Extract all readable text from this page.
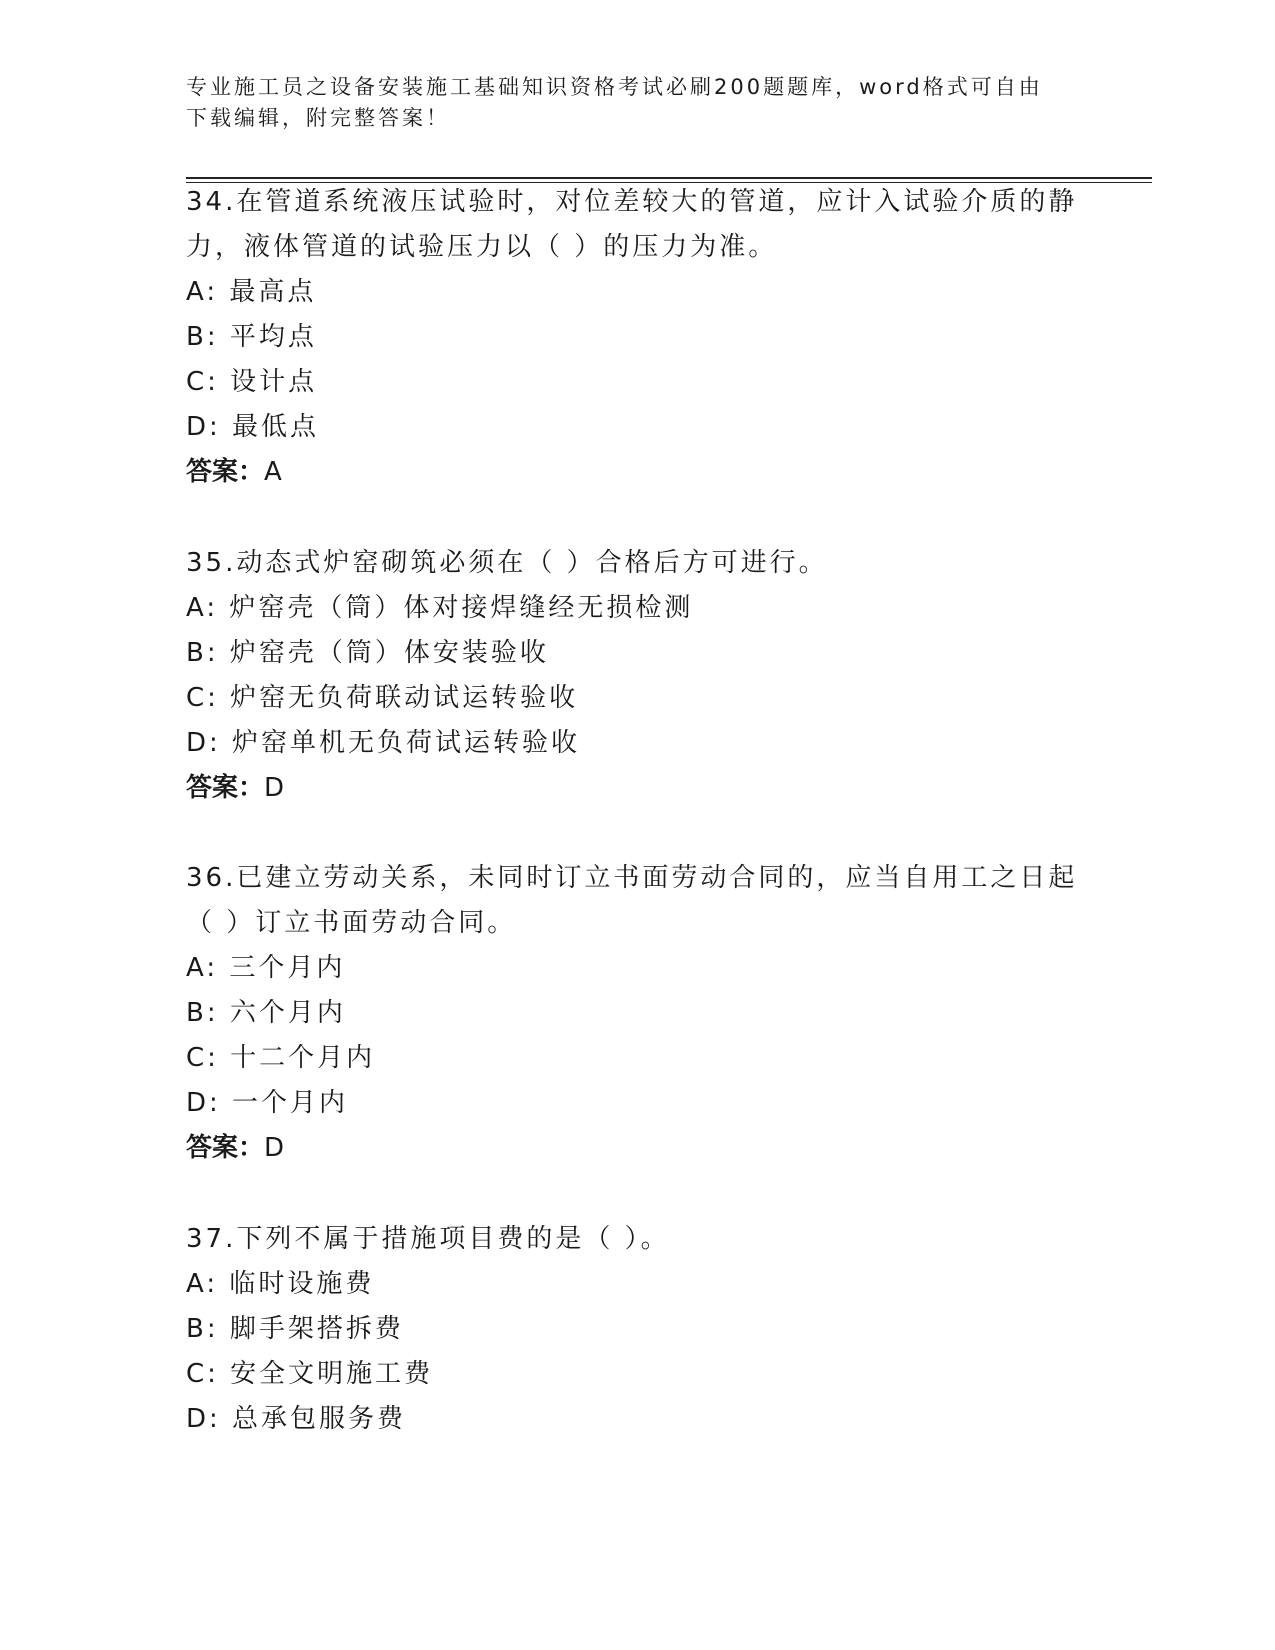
专业施工员之设备安装施工基础知识资格考试必刷200题题库，word格式可自由下载编辑，附完整答案！

34.在管道系统液压试验时，对位差较大的管道，应计入试验介质的静力，液体管道的试验压力以（ ）的压力为准。

A: 最高点

B: 平均点

C: 设计点

D: 最低点

答案：A

35.动态式炉窑砌筑必须在（ ）合格后方可进行。

A: 炉窑壳（筒）体对接焊缝经无损检测

B: 炉窑壳（筒）体安装验收

C: 炉窑无负荷联动试运转验收

D: 炉窑单机无负荷试运转验收

答案：D

36.已建立劳动关系，未同时订立书面劳动合同的，应当自用工之日起（ ）订立书面劳动合同。

A: 三个月内

B: 六个月内

C: 十二个月内

D: 一个月内

答案：D

37.下列不属于措施项目费的是（ ）。

A: 临时设施费

B: 脚手架搭拆费

C: 安全文明施工费

D: 总承包服务费
